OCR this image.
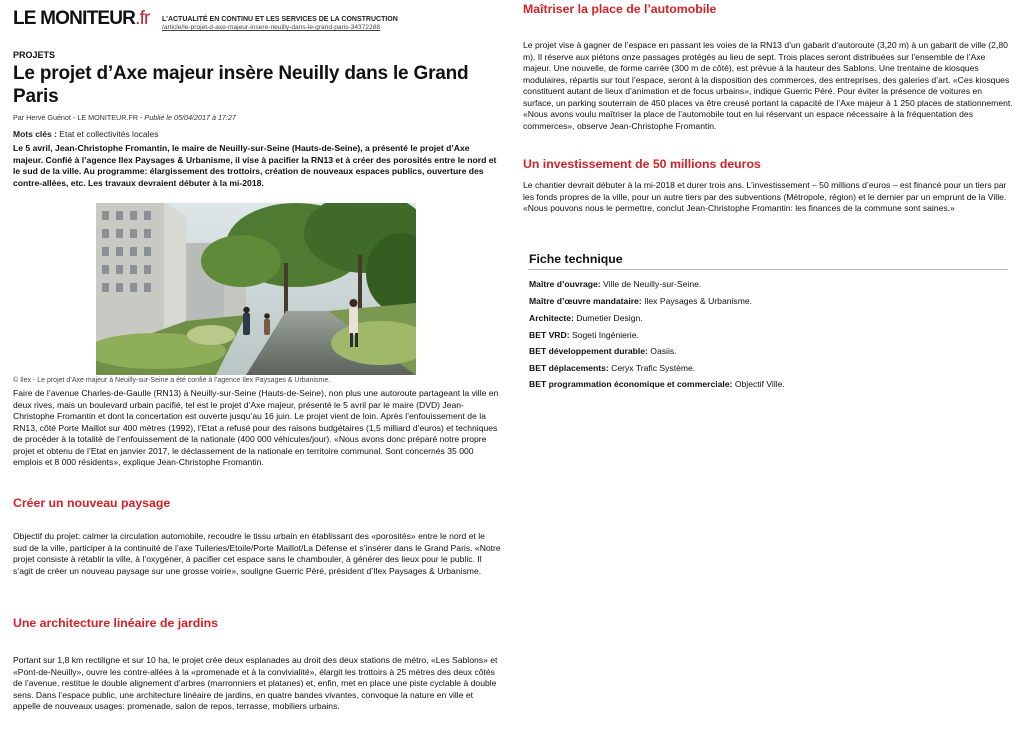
LE MONITEUR.fr L'ACTUALITÉ EN CONTINU ET LES SERVICES DE LA CONSTRUCTION
/article/le-projet-d-axe-majeur-insere-neuilly-dans-le-grand-paris-34372288
PROJETS
Le projet d’Axe majeur insère Neuilly dans le Grand Paris
Par Hervé Guénot - LE MONITEUR.FR - Publié le 05/04/2017 à 17:27
Mots clés : Etat et collectivités locales
Le 5 avril, Jean-Christophe Fromantin, le maire de Neuilly-sur-Seine (Hauts-de-Seine), a présenté le projet d’Axe majeur. Confié à l’agence Ilex Paysages & Urbanisme, il vise à pacifier la RN13 et à créer des porosités entre le nord et le sud de la ville. Au programme: élargissement des trottoirs, création de nouveaux espaces publics, ouverture des contre-allées, etc. Les travaux devraient débuter à la mi-2018.
© Ilex - Le projet d’Axe majeur à Neuilly-sur-Seine a été confié à l’agence Ilex Paysages & Urbanisme.

Faire de l’avenue Charles-de-Gaulle (RN13) à Neuilly-sur-Seine (Hauts-de-Seine), non plus une autoroute partageant la ville en deux rives, mais un boulevard urbain pacifié, tel est le projet d’Axe majeur, présenté le 5 avril par le maire (DVD) Jean-Christophe Fromantin et dont la concertation est ouverte jusqu’au 16 juin. Le projet vient de loin. Après l’enfouissement de la RN13, côté Porte Maillot sur 400 mètres (1992), l’Etat a refusé pour des raisons budgétaires (1,5 milliard d’euros) et techniques de procéder à la totalité de l’enfouissement de la nationale (400 000 véhicules/jour). «Nous avons donc préparé notre propre projet et obtenu de l’Etat en janvier 2017, le déclassement de la nationale en territoire communal. Sont concernés 35 000 emplois et 8 000 résidents», explique Jean-Christophe Fromantin.

Créer un nouveau paysage

Objectif du projet: calmer la circulation automobile, recoudre le tissu urbain en établissant des «porosités» entre le nord et le sud de la ville, participer à la continuité de l’axe Tuileries/Etoile/Porte Maillot/La Défense et s’insérer dans le Grand Paris. «Notre projet consiste à rétablir la ville, à l’oxygéner, à pacifier cet espace sans le chambouler, à générer des lieux pour le public. Il s’agit de créer un nouveau paysage sur une grosse voirie», souligne Guerric Péré, président d’Ilex Paysages & Urbanisme.

Une architecture linéaire de jardins

Portant sur 1,8 km rectiligne et sur 10 ha, le projet crée deux esplanades au droit des deux stations de métro, «Les Sablons» et «Pont-de-Neuilly», ouvre les contre-allées à la «promenade et à la convivialité», élargit les trottoirs à 25 mètres des deux côtés de l’avenue, restitue le double alignement d’arbres (marronniers et platanes) et, enfin, met en place une piste cyclable à double sens. Dans l’espace public, une architecture linéaire de jardins, en quatre bandes vivantes, convoque la nature en ville et appelle de nouveaux usages: promenade, salon de repos, terrasse, mobiliers urbains.

Maîtriser la place de l’automobile

Le projet vise à gagner de l’espace en passant les voies de la RN13 d’un gabarit d’autoroute (3,20 m) à un gabarit de ville (2,80 m). Il réserve aux piétons onze passages protégés au lieu de sept. Trois places seront distribuées sur l’ensemble de l’Axe majeur. Une nouvelle, de forme carrée (300 m de côté), est prévue à la hauteur des Sablons. Une trentaine de kiosques modulaires, répartis sur tout l’espace, seront à la disposition des commerces, des entreprises, des galeries d’art. «Ces kiosques constituent autant de lieux d’animation et de focus urbains», indique Guerric Péré. Pour éviter la présence de voitures en surface, un parking souterrain de 450 places va être creusé portant la capacité de l’Axe majeur à 1 250 places de stationnement. «Nous avons voulu maîtriser la place de l’automobile tout en lui réservant un espace nécessaire à la fréquentation des commerces», observe Jean-Christophe Fromantin.

Un investissement de 50 millions deuros

Le chantier devrait débuter à la mi-2018 et durer trois ans. L’investissement – 50 millions d’euros – est financé pour un tiers par les fonds propres de la ville, pour un autre tiers par des subventions (Métropole, région) et le dernier par un emprunt de la Ville. «Nous pouvons nous le permettre, conclut Jean-Christophe Fromantin: les finances de la commune sont saines.»

Fiche technique
Maître d’ouvrage: Ville de Neuilly-sur-Seine.
Maître d’œuvre mandataire: Ilex Paysages & Urbanisme.
Architecte: Dumetier Design.
BET VRD: Sogeti Ingénierie.
BET développement durable: Oasiis.
BET déplacements: Ceryx Trafic Système.
BET programmation économique et commerciale: Objectif Ville.
